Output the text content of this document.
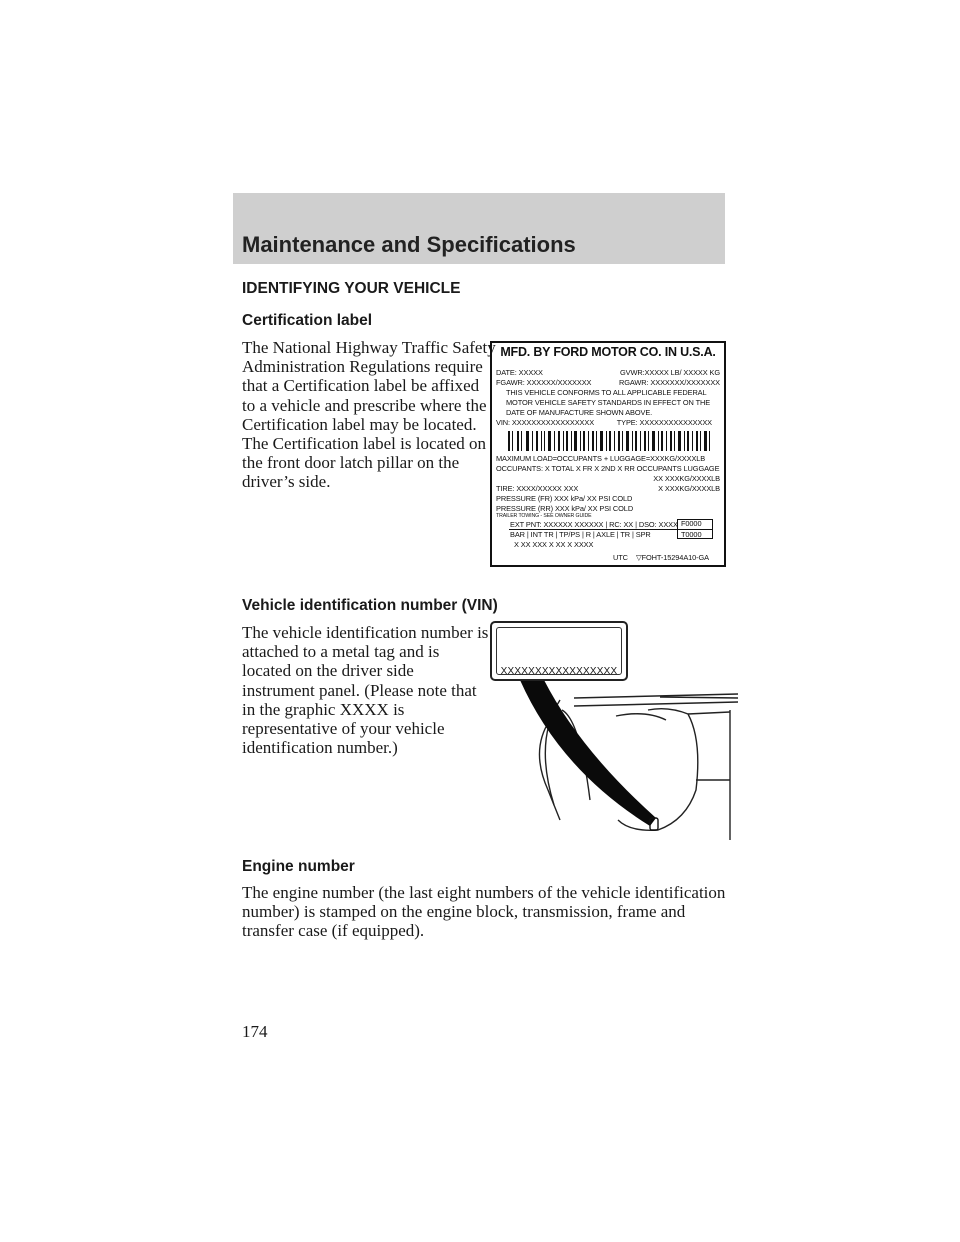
Maintenance and Specifications
IDENTIFYING YOUR VEHICLE
Certification label
The National Highway Traffic Safety
Administration Regulations require
that a Certification label be affixed
to a vehicle and prescribe where the
Certification label may be located.
The Certification label is located on
the front door latch pillar on the
driver’s side.
MFD. BY FORD MOTOR CO. IN U.S.A.
DATE: XXXXX	GVWR:XXXXX LB/ XXXXX KG
FGAWR: XXXXXX/XXXXXXX	RGAWR: XXXXXXX/XXXXXXX
THIS VEHICLE CONFORMS TO ALL APPLICABLE FEDERAL
MOTOR VEHICLE SAFETY STANDARDS IN EFFECT ON THE
DATE OF MANUFACTURE SHOWN ABOVE.
VIN: XXXXXXXXXXXXXXXXX	TYPE: XXXXXXXXXXXXXXX
MAXIMUM LOAD=OCCUPANTS + LUGGAGE=XXXKG/XXXXLB
OCCUPANTS: X TOTAL X FR X 2ND X RR OCCUPANTS LUGGAGE
XX XXXKG/XXXXLB
TIRE: XXXX/XXXXX XXX	X XXXKG/XXXXLB
PRESSURE (FR) XXX kPa/ XX PSI COLD
PRESSURE (RR) XXX kPa/ XX PSI COLD
TRAILER TOWING - SEE OWNER GUIDE
EXT PNT: XXXXXX XXXXXX | RC: XX | DSO: XXXX F0000
T0000
BAR | INT TR | TP/PS | R | AXLE | TR | SPR
X XX XXX X XX X XXXX
UTC ▽FOHT-15294A10-GA
Vehicle identification number (VIN)
The vehicle identification number is
attached to a metal tag and is
located on the driver side
instrument panel. (Please note that
in the graphic XXXX is
representative of your vehicle
identification number.)
XXXXXXXXXXXXXXXXX
Engine number
The engine number (the last eight numbers of the vehicle identification
number) is stamped on the engine block, transmission, frame and
transfer case (if equipped).
174
